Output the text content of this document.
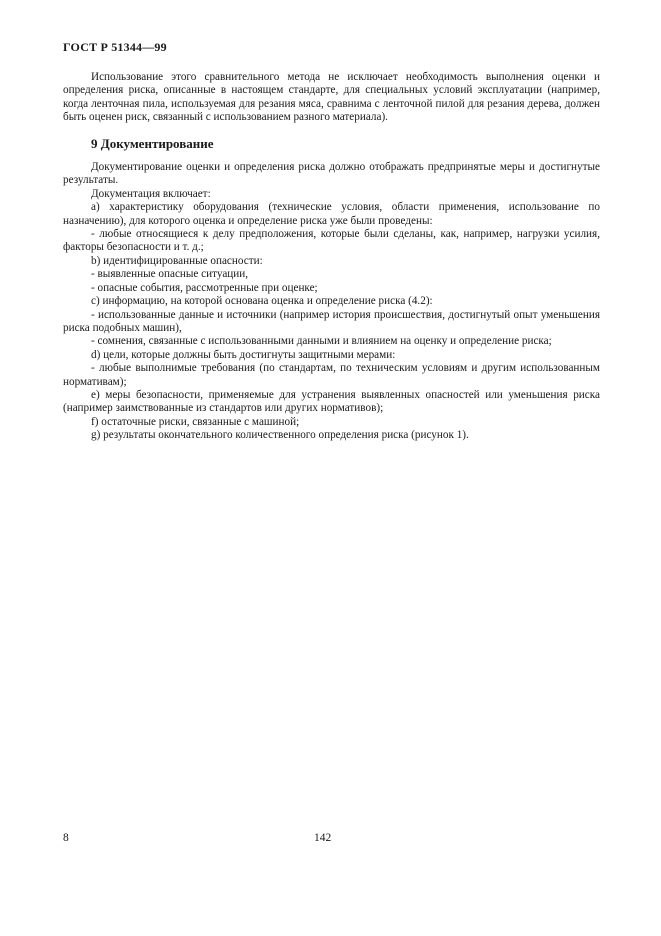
ГОСТ Р 51344—99

Использование этого сравнительного метода не исключает необходимость выполнения оценки и определения риска, описанные в настоящем стандарте, для специальных условий эксплуатации (например, когда ленточная пила, используемая для резания мяса, сравнима с ленточной пилой для резания дерева, должен быть оценен риск, связанный с использованием разного материала).

9 Документирование

Документирование оценки и определения риска должно отображать предпринятые меры и достигнутые результаты.

Документация включает:

а) характеристику оборудования (технические условия, области применения, использование по назначению), для которого оценка и определение риска уже были проведены:

- любые относящиеся к делу предположения, которые были сделаны, как, например, нагрузки усилия, факторы безопасности и т. д.;

b) идентифицированные опасности:

- выявленные опасные ситуации,

- опасные события, рассмотренные при оценке;

с) информацию, на которой основана оценка и определение риска (4.2):

- использованные данные и источники (например история происшествия, достигнутый опыт уменьшения риска подобных машин),

- сомнения, связанные с использованными данными и влиянием на оценку и определение риска;

d) цели, которые должны быть достигнуты защитными мерами:

- любые выполнимые требования (по стандартам, по техническим условиям и другим использованным нормативам);

е) меры безопасности, применяемые для устранения выявленных опасностей или уменьшения риска (например заимствованные из стандартов или других нормативов);

f) остаточные риски, связанные с машиной;

g) результаты окончательного количественного определения риска (рисунок 1).

8	142
